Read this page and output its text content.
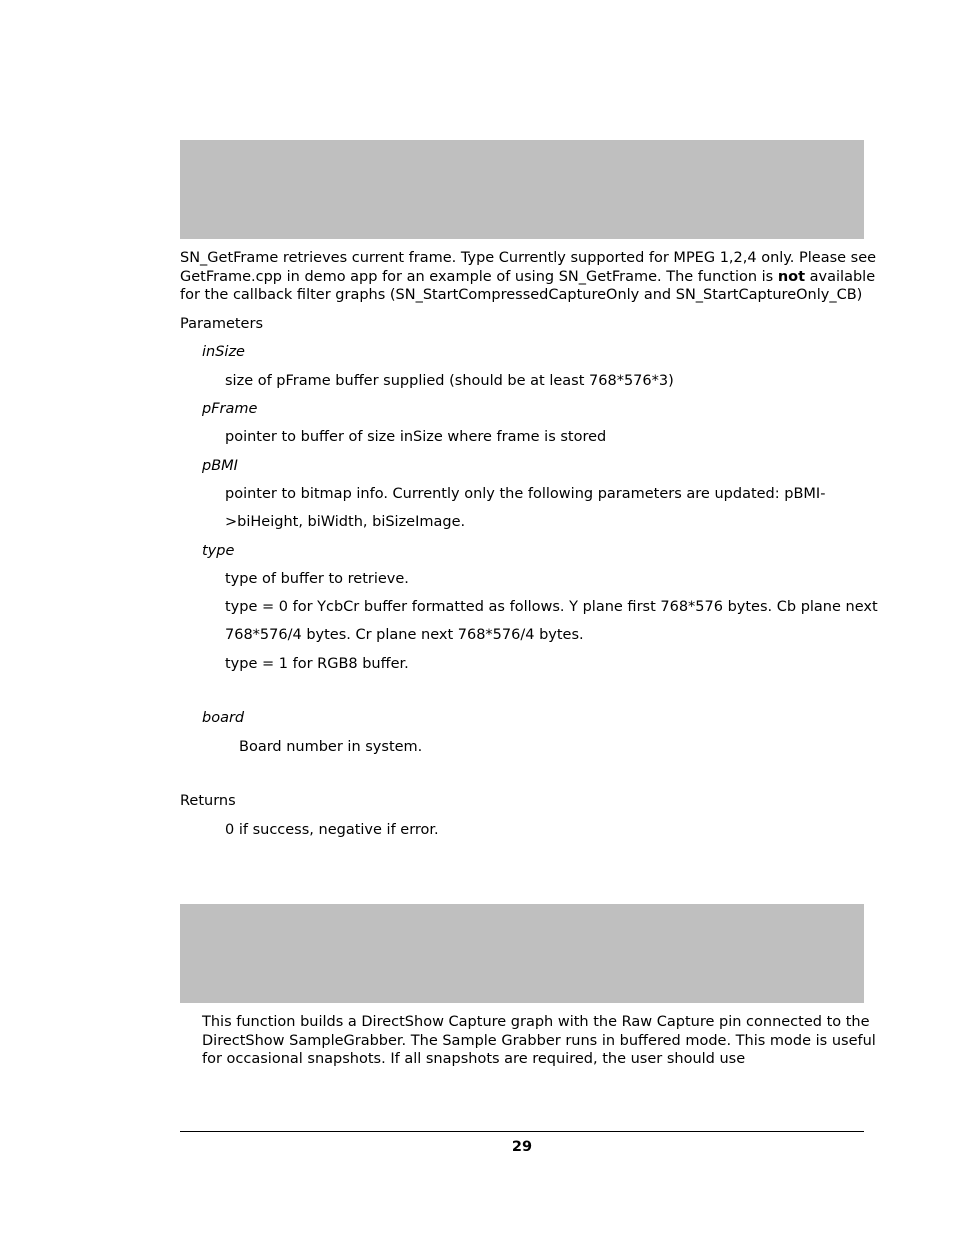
SN_GetFrame retrieves current frame. Type Currently supported for MPEG 1,2,4 only. Please see
GetFrame.cpp in demo app for an example of using SN_GetFrame. The function is not available
for the callback filter graphs (SN_StartCompressedCaptureOnly and SN_StartCaptureOnly_CB)
Parameters
inSize
size of pFrame buffer supplied (should be at least 768*576*3)
pFrame
pointer to buffer of size inSize where frame is stored
pBMI
pointer to bitmap info. Currently only the following parameters are updated: pBMI-
>biHeight, biWidth, biSizeImage.
type
type of buffer to retrieve.
type = 0 for YcbCr buffer formatted as follows. Y plane first 768*576 bytes. Cb plane next
768*576/4 bytes. Cr plane next 768*576/4 bytes.
type = 1 for RGB8 buffer.
board
Board number in system.
Returns
0 if success, negative if error.
This function builds a DirectShow Capture graph with the Raw Capture pin connected to the
DirectShow SampleGrabber. The Sample Grabber runs in buffered mode. This mode is useful
for occasional snapshots. If all snapshots are required, the user should use
29
